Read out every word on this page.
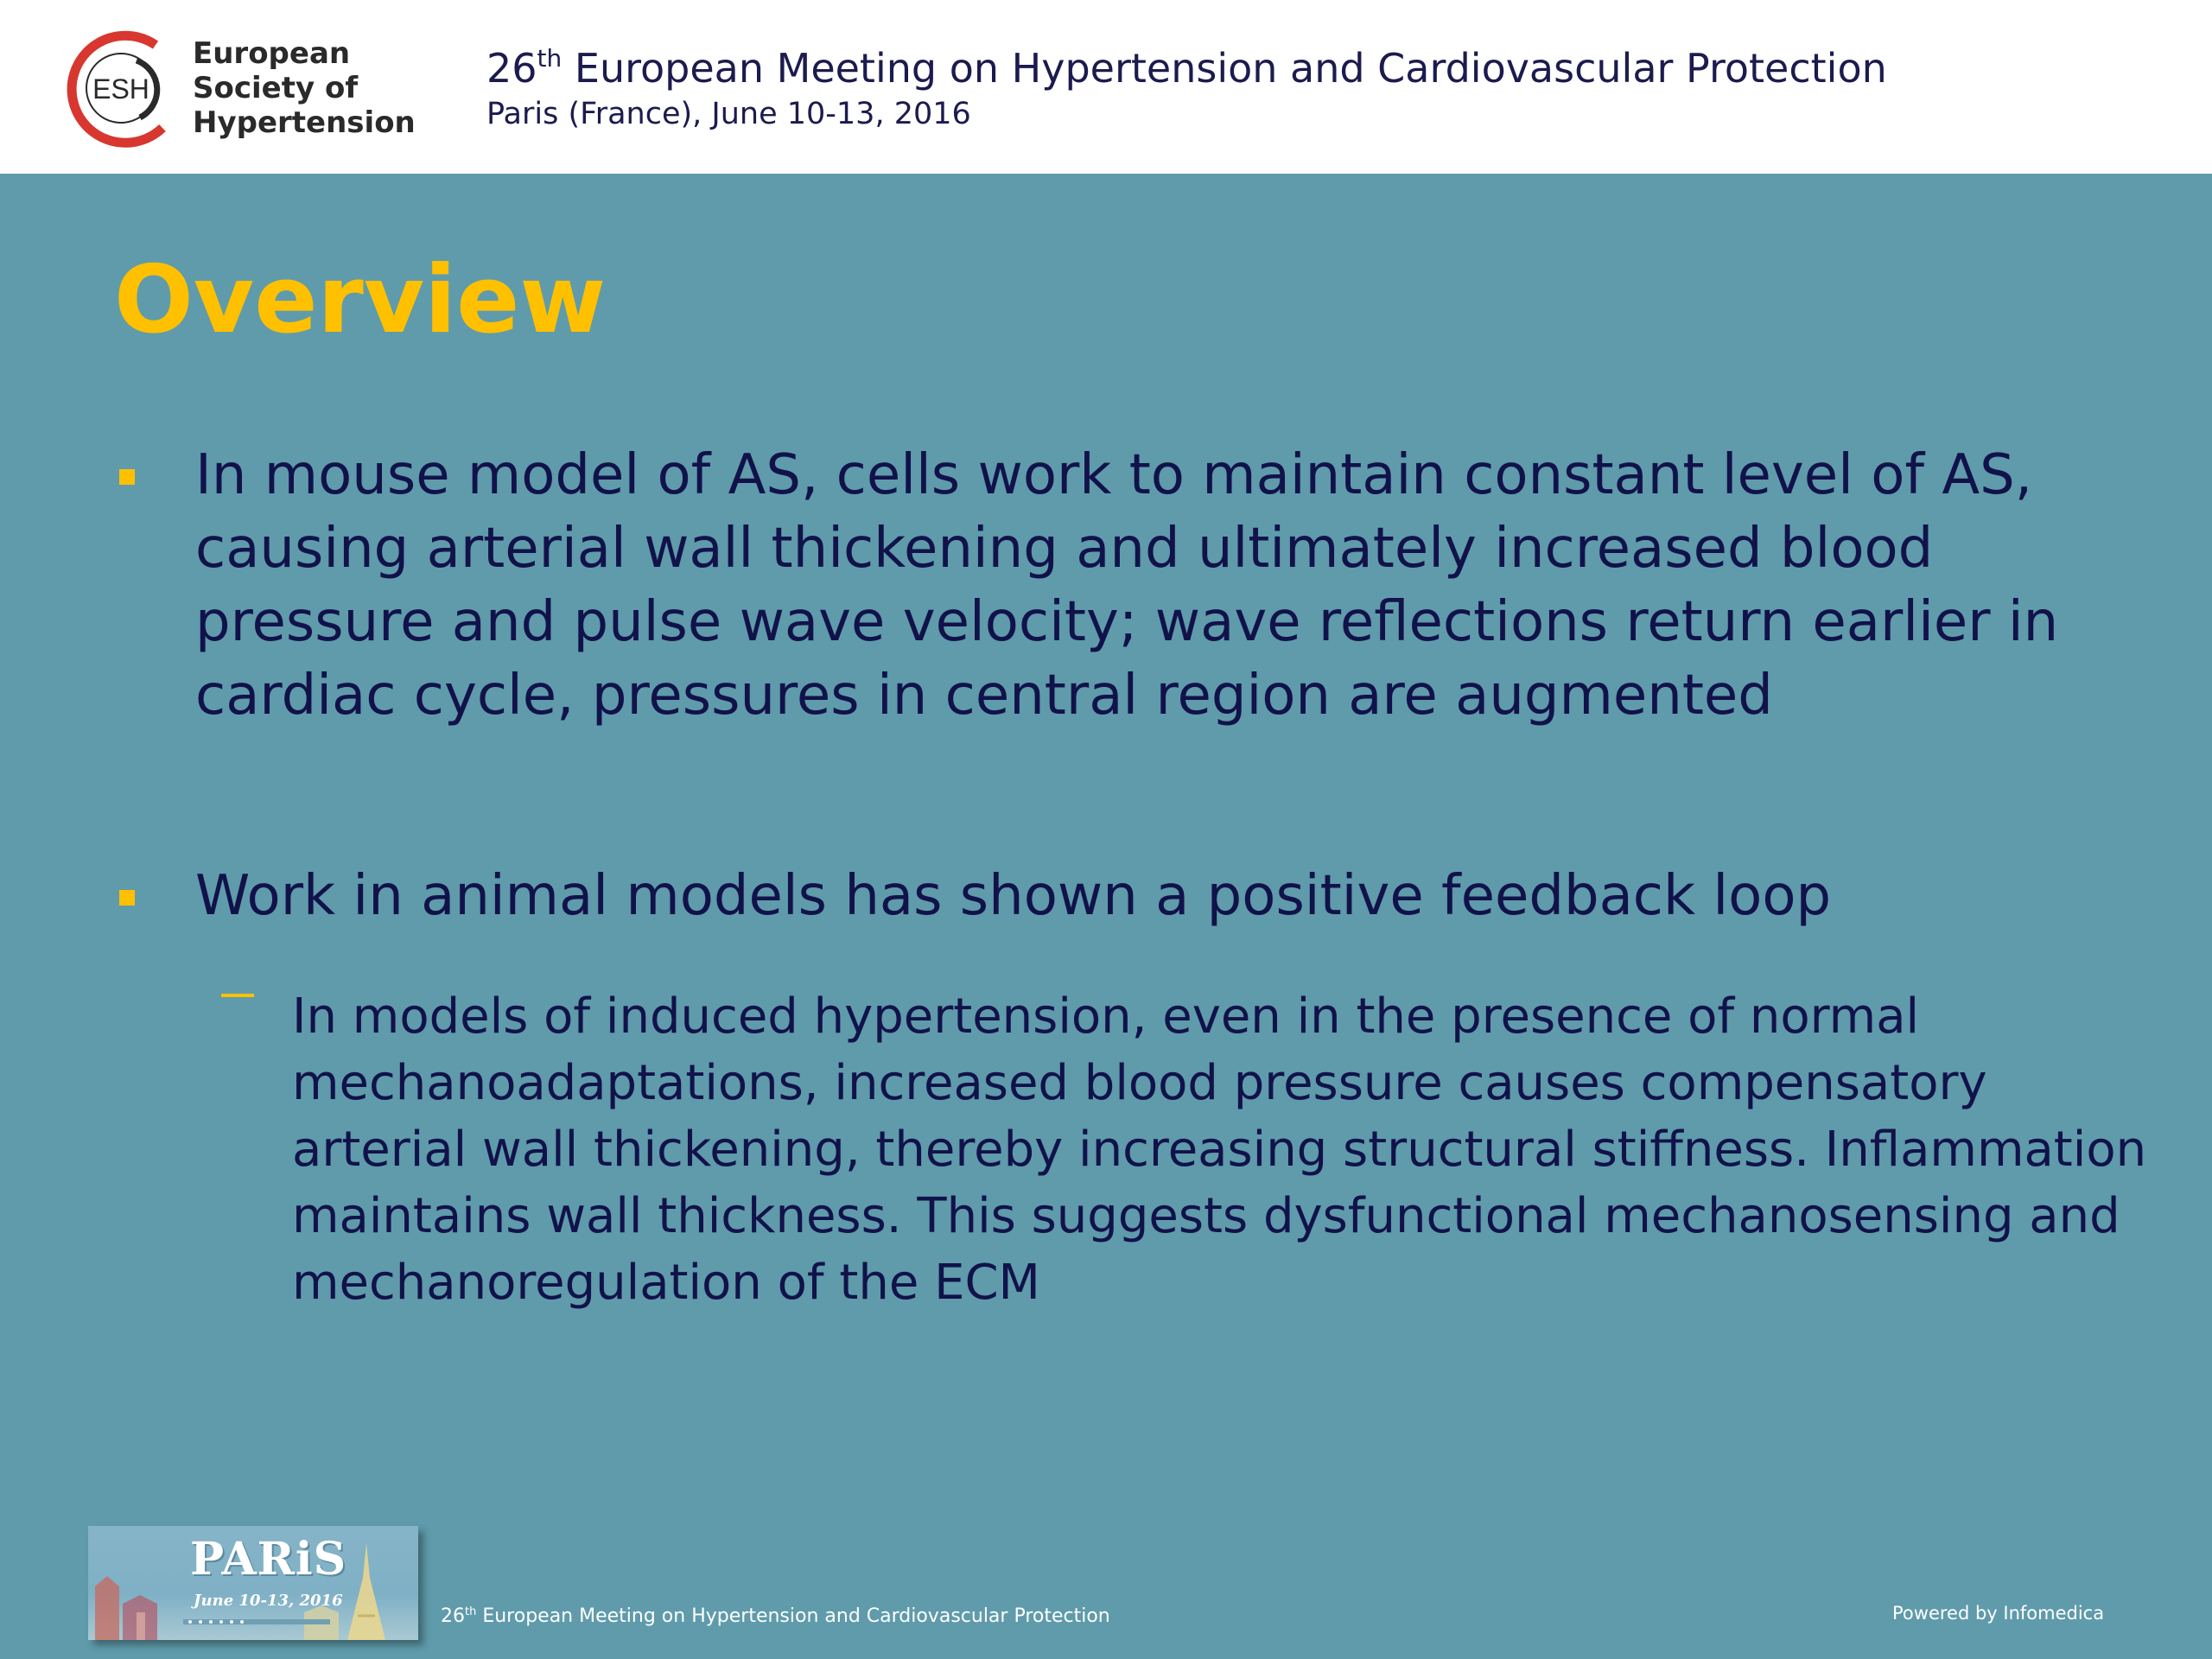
ESH
European
Society of
Hypertension
26th European Meeting on Hypertension and Cardiovascular Protection
Paris (France), June 10-13, 2016
Overview
In mouse model of AS, cells work to maintain constant level of AS, causing arterial wall thickening and ultimately increased blood pressure and pulse wave velocity; wave reflections return earlier in cardiac cycle, pressures in central region are augmented
Work in animal models has shown a positive feedback loop
In models of induced hypertension, even in the presence of normal mechanoadaptations, increased blood pressure causes compensatory arterial wall thickening, thereby increasing structural stiffness. Inflammation maintains wall thickness. This suggests dysfunctional mechanosensing and mechanoregulation of the ECM
PARiS
June 10-13, 2016
26th European Meeting on Hypertension and Cardiovascular Protection	Powered by Infomedica
